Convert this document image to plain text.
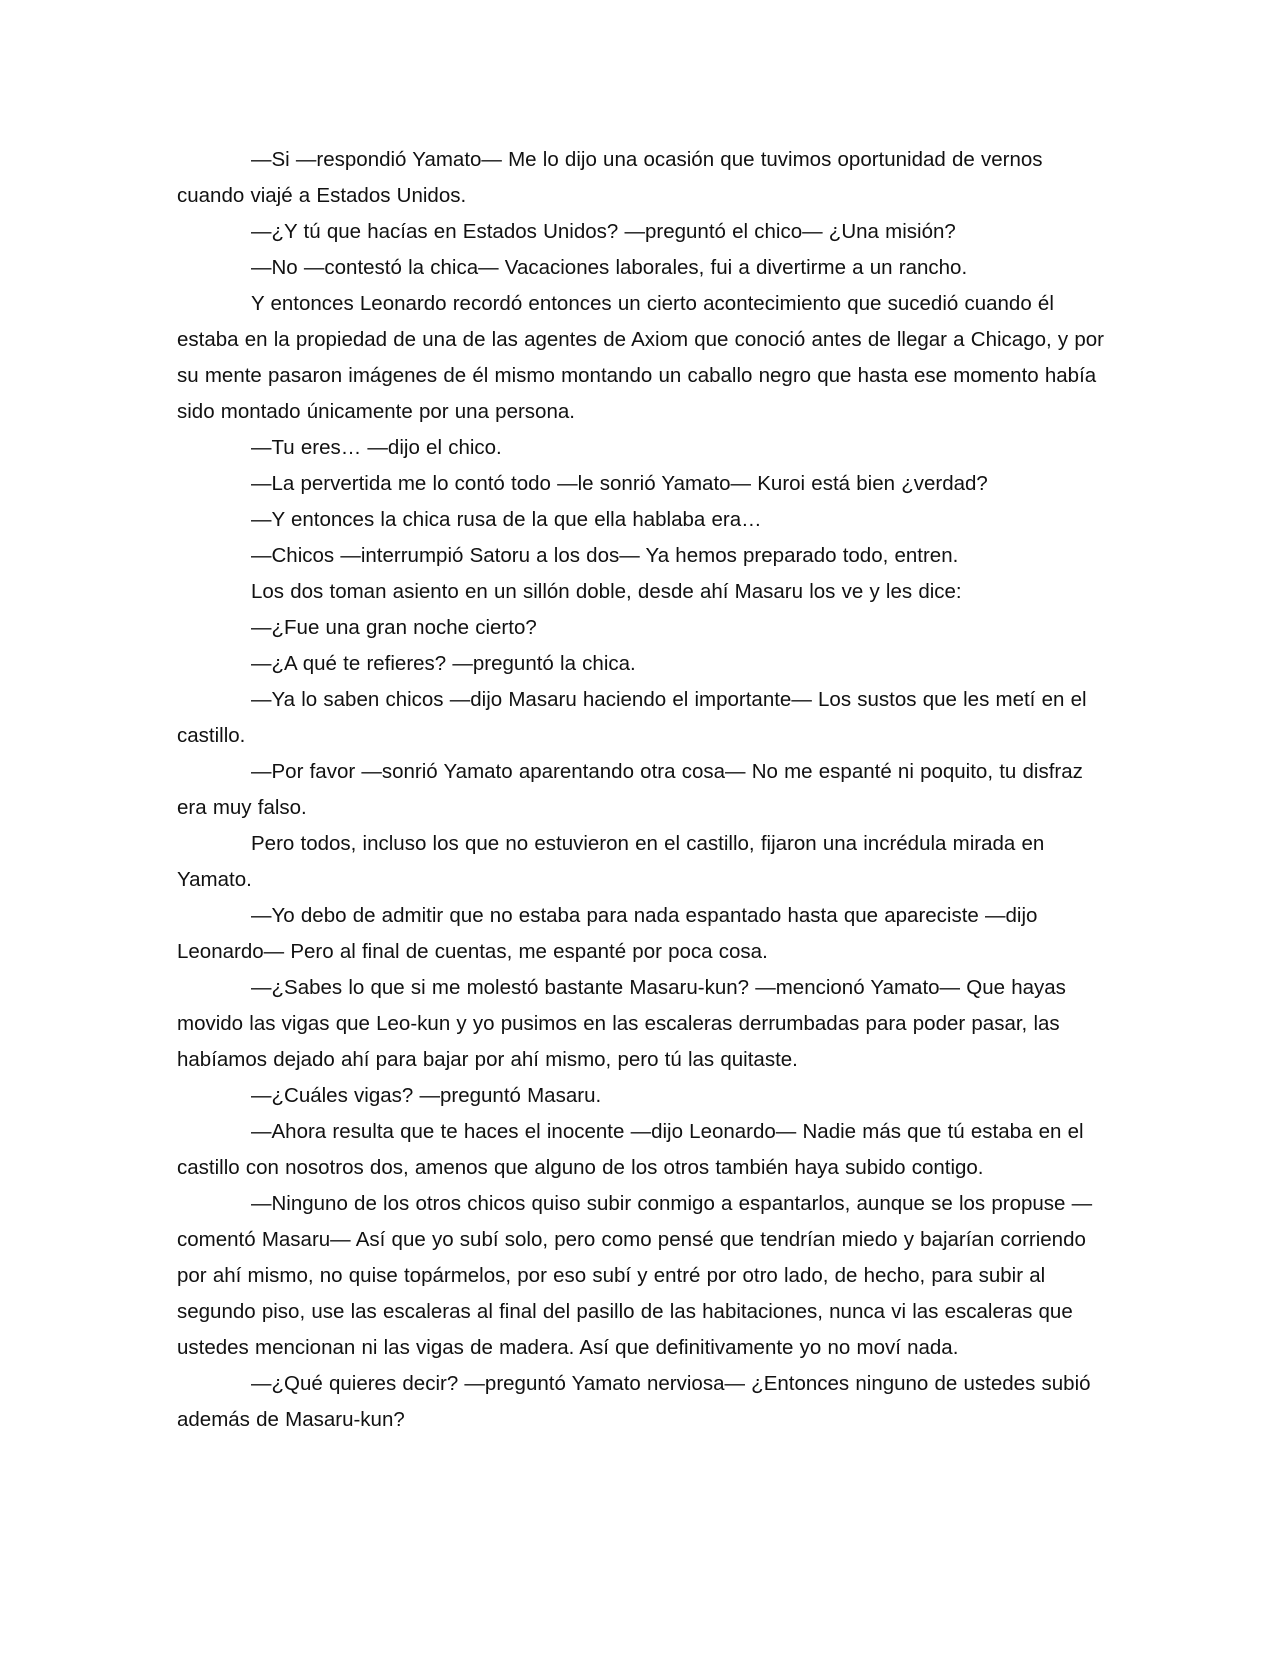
—Si —respondió Yamato— Me lo dijo una ocasión que tuvimos oportunidad de vernos cuando viajé a Estados Unidos.

—¿Y tú que hacías en Estados Unidos? —preguntó el chico— ¿Una misión?

—No —contestó la chica— Vacaciones laborales, fui a divertirme a un rancho.

Y entonces Leonardo recordó entonces un cierto acontecimiento que sucedió cuando él estaba en la propiedad de una de las agentes de Axiom que conoció antes de llegar a Chicago, y por su mente pasaron imágenes de él mismo montando un caballo negro que hasta ese momento había sido montado únicamente por una persona.

—Tu eres… —dijo el chico.

—La pervertida me lo contó todo —le sonrió Yamato— Kuroi está bien ¿verdad?

—Y entonces la chica rusa de la que ella hablaba era…

—Chicos —interrumpió Satoru a los dos— Ya hemos preparado todo, entren.

Los dos toman asiento en un sillón doble, desde ahí Masaru los ve y les dice:

—¿Fue una gran noche cierto?

—¿A qué te refieres? —preguntó la chica.

—Ya lo saben chicos —dijo Masaru haciendo el importante— Los sustos que les metí en el castillo.

—Por favor —sonrió Yamato aparentando otra cosa— No me espanté ni poquito, tu disfraz era muy falso.

Pero todos, incluso los que no estuvieron en el castillo, fijaron una incrédula mirada en Yamato.

—Yo debo de admitir que no estaba para nada espantado hasta que apareciste —dijo Leonardo— Pero al final de cuentas, me espanté por poca cosa.

—¿Sabes lo que si me molestó bastante Masaru-kun? —mencionó Yamato— Que hayas movido las vigas que Leo-kun y yo pusimos en las escaleras derrumbadas para poder pasar, las habíamos dejado ahí para bajar por ahí mismo, pero tú las quitaste.

—¿Cuáles vigas? —preguntó Masaru.

—Ahora resulta que te haces el inocente —dijo Leonardo— Nadie más que tú estaba en el castillo con nosotros dos, amenos que alguno de los otros también haya subido contigo.

—Ninguno de los otros chicos quiso subir conmigo a espantarlos, aunque se los propuse —comentó Masaru— Así que yo subí solo, pero como pensé que tendrían miedo y bajarían corriendo por ahí mismo, no quise topármelos, por eso subí y entré por otro lado, de hecho, para subir al segundo piso, use las escaleras al final del pasillo de las habitaciones, nunca vi las escaleras que ustedes mencionan ni las vigas de madera. Así que definitivamente yo no moví nada.

—¿Qué quieres decir? —preguntó Yamato nerviosa— ¿Entonces ninguno de ustedes subió además de Masaru-kun?
